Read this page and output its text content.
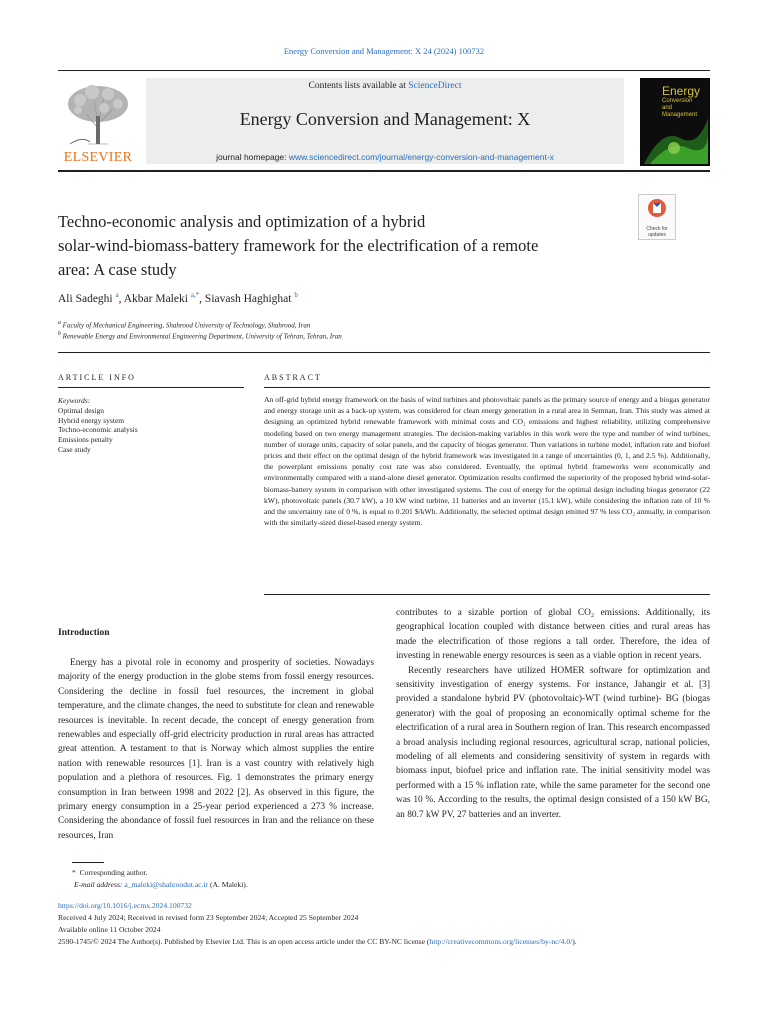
Energy Conversion and Management: X 24 (2024) 100732
ELSEVIER
Contents lists available at ScienceDirect
Energy Conversion and Management: X
journal homepage: www.sciencedirect.com/journal/energy-conversion-and-management-x
Energy
Conversion
and
Management
Techno-economic analysis and optimization of a hybrid
solar-wind-biomass-battery framework for the electrification of a remote
area: A case study
Check for
updates
Ali Sadeghi $^a$, Akbar Maleki $^{a,*}$, Siavash Haghighat $^b$
$^a$ Faculty of Mechanical Engineering, Shahrood University of Technology, Shahrood, Iran
$^b$ Renewable Energy and Environmental Engineering Department, University of Tehran, Tehran, Iran
ARTICLE INFO
Keywords:
Optimal design
Hybrid energy system
Techno-economic analysis
Emissions penalty
Case study
ABSTRACT
An off-grid hybrid energy framework on the basis of wind turbines and photovoltaic panels as the primary source of energy and a biogas generator and energy storage unit as a back-up system, was considered for clean energy generation in a rural area in Semnan, Iran. This study was aimed at designing an optimized hybrid renewable framework with minimal costs and CO₂ emissions and highest reliability, utilizing comprehensive modeling based on two energy management strategies. The decision-making variables in this work were the type and number of wind turbines, number of storage units, capacity of solar panels, and the capacity of biogas generator. Then variations in turbine model, inflation rate and biofuel prices and their effect on the optimal design of the hybrid framework was investigated in a range of uncertainties (0, 1, and 2.5 %). Additionally, the powerplant emissions penalty cost rate was also considered. Eventually, the optimal hybrid frameworks were economically and environmentally compared with a stand-alone diesel generator. Optimization results confirmed the superiority of the proposed hybrid wind-solar-biomass-battery system in comparison with other investigated systems. The cost of energy for the optimal design including biogas generator (22 kW), photovoltaic panels (30.7 kW), a 10 kW wind turbine, 11 batteries and an inverter (15.1 kW), while considering the inflation rate of 10 % and the uncertainty rate of 0 %, is equal to 0.201 $/kWh. Additionally, the selected optimal design emitted 97 % less CO₂ annually, in comparison with the similarly-sized diesel-based energy system.
Introduction

Energy has a pivotal role in economy and prosperity of societies. Nowadays majority of the energy production in the globe stems from fossil energy resources. Considering the decline in fossil fuel resources, the increment in global temperature, and the climate changes, the need to substitute for clean and renewable resources is inevitable. In recent decade, the concept of energy generation from renewables and especially off-grid electricity production in rural areas has attracted great attention. A testament to that is Norway which almost supplies the entire nation with renewable resources [1]. Iran is a vast country with relatively high population and a plethora of resources. Fig. 1 demonstrates the primary energy consumption in Iran between 1998 and 2022 [2]. As observed in this figure, the primary energy consumption in a 25-year period experienced a 273 % increase. Considering the abondance of fossil fuel resources in Iran and the reliance on these resources, Iran

contributes to a sizable portion of global CO₂ emissions. Additionally, its geographical location coupled with distance between cities and rural areas has made the electrification of those regions a tall order. Therefore, the idea of investing in renewable energy resources is seen as a viable option in recent years.

Recently researchers have utilized HOMER software for optimization and sensitivity investigation of energy systems. For instance, Jahangir et al. [3] provided a standalone hybrid PV (photovoltaic)-WT (wind turbine)- BG (biogas generator) with the goal of proposing an economically optimal scheme for the electrification of a rural area in Southern region of Iran. This research encompassed a broad analysis including regional resources, agricultural scrap, national policies, modeling of all elements and considering sensitivity of system in regards with biomass input, biofuel price and inflation rate. The initial sensitivity model was performed with a 15 % inflation rate, while the same parameter for the second one was 10 %. According to the results, the optimal design consisted of a 150 kW BG, an 80.7 kW PV, 27 batteries and an inverter.

* Corresponding author.
E-mail address: a_maleki@shahroodut.ac.ir (A. Maleki).
https://doi.org/10.1016/j.ecmx.2024.100732
Received 4 July 2024; Received in revised form 23 September 2024; Accepted 25 September 2024
Available online 11 October 2024
2590-1745/© 2024 The Author(s). Published by Elsevier Ltd. This is an open access article under the CC BY-NC license (http://creativecommons.org/licenses/by-nc/4.0/).
